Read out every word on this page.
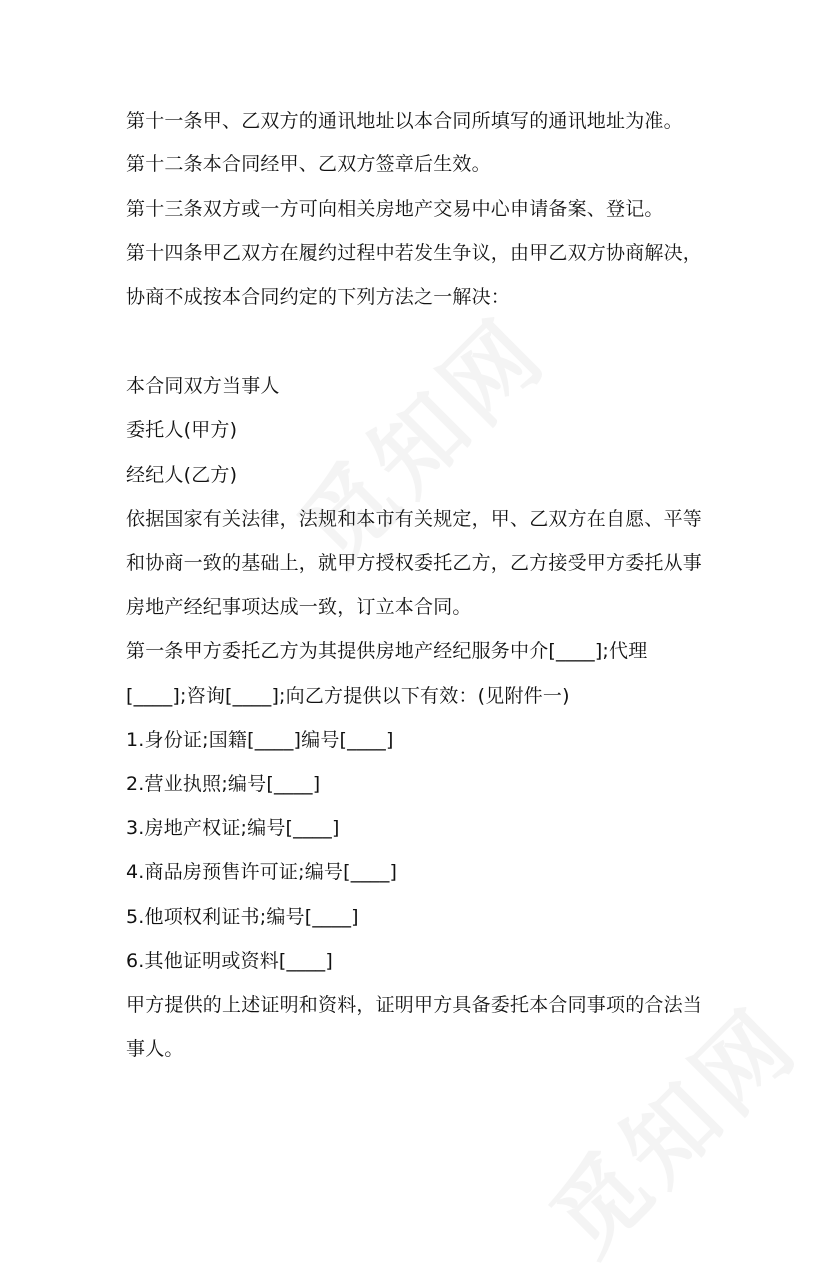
第十一条甲、乙双方的通讯地址以本合同所填写的通讯地址为准。
第十二条本合同经甲、乙双方签章后生效。
第十三条双方或一方可向相关房地产交易中心申请备案、登记。
第十四条甲乙双方在履约过程中若发生争议，由甲乙双方协商解决，
协商不成按本合同约定的下列方法之一解决：
本合同双方当事人
委托人(甲方)
经纪人(乙方)
依据国家有关法律，法规和本市有关规定，甲、乙双方在自愿、平等
和协商一致的基础上，就甲方授权委托乙方，乙方接受甲方委托从事
房地产经纪事项达成一致，订立本合同。
第一条甲方委托乙方为其提供房地产经纪服务中介[____];代理
[____];咨询[____];向乙方提供以下有效：(见附件一)
1.身份证;国籍[____]编号[____]
2.营业执照;编号[____]
3.房地产权证;编号[____]
4.商品房预售许可证;编号[____]
5.他项权利证书;编号[____]
6.其他证明或资料[____]
甲方提供的上述证明和资料，证明甲方具备委托本合同事项的合法当
事人。
